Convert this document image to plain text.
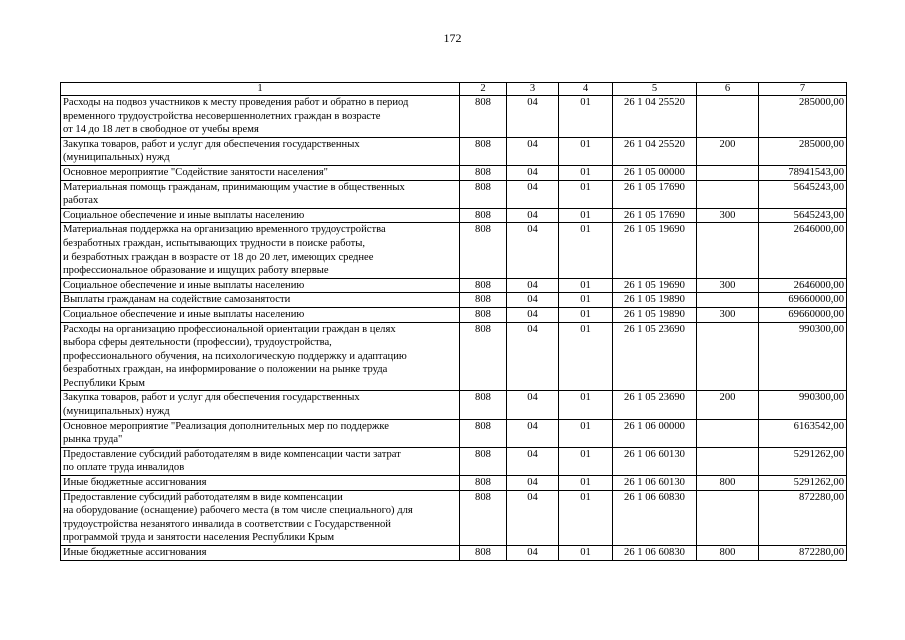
172
1	2	3	4	5	6	7
Расходы на подвоз участников к месту проведения работ и обратно в период
временного трудоустройства несовершеннолетних граждан в возрасте
от 14 до 18 лет в свободное от учебы время	808	04	01	26 1 04 25520		285000,00
Закупка товаров, работ и услуг для обеспечения государственных
(муниципальных) нужд	808	04	01	26 1 04 25520	200	285000,00
Основное мероприятие "Содействие занятости населения"	808	04	01	26 1 05 00000		78941543,00
Материальная помощь гражданам, принимающим участие в общественных
работах	808	04	01	26 1 05 17690		5645243,00
Социальное обеспечение и иные выплаты населению	808	04	01	26 1 05 17690	300	5645243,00
Материальная поддержка на организацию временного трудоустройства
безработных граждан, испытывающих трудности в поиске работы,
и безработных граждан в возрасте от 18 до 20 лет, имеющих среднее
профессиональное образование и ищущих работу впервые	808	04	01	26 1 05 19690		2646000,00
Социальное обеспечение и иные выплаты населению	808	04	01	26 1 05 19690	300	2646000,00
Выплаты гражданам на содействие самозанятости	808	04	01	26 1 05 19890		69660000,00
Социальное обеспечение и иные выплаты населению	808	04	01	26 1 05 19890	300	69660000,00
Расходы на организацию профессиональной ориентации граждан в целях
выбора сферы деятельности (профессии), трудоустройства,
профессионального обучения, на психологическую поддержку и адаптацию
безработных граждан, на информирование о положении на рынке труда
Республики Крым	808	04	01	26 1 05 23690		990300,00
Закупка товаров, работ и услуг для обеспечения государственных
(муниципальных) нужд	808	04	01	26 1 05 23690	200	990300,00
Основное мероприятие "Реализация дополнительных мер по поддержке
рынка труда"	808	04	01	26 1 06 00000		6163542,00
Предоставление субсидий работодателям в виде компенсации части затрат
по оплате труда инвалидов	808	04	01	26 1 06 60130		5291262,00
Иные бюджетные ассигнования	808	04	01	26 1 06 60130	800	5291262,00
Предоставление субсидий работодателям в виде компенсации
на оборудование (оснащение) рабочего места (в том числе специального) для
трудоустройства незанятого инвалида в соответствии с Государственной
программой труда и занятости населения Республики Крым	808	04	01	26 1 06 60830		872280,00
Иные бюджетные ассигнования	808	04	01	26 1 06 60830	800	872280,00
